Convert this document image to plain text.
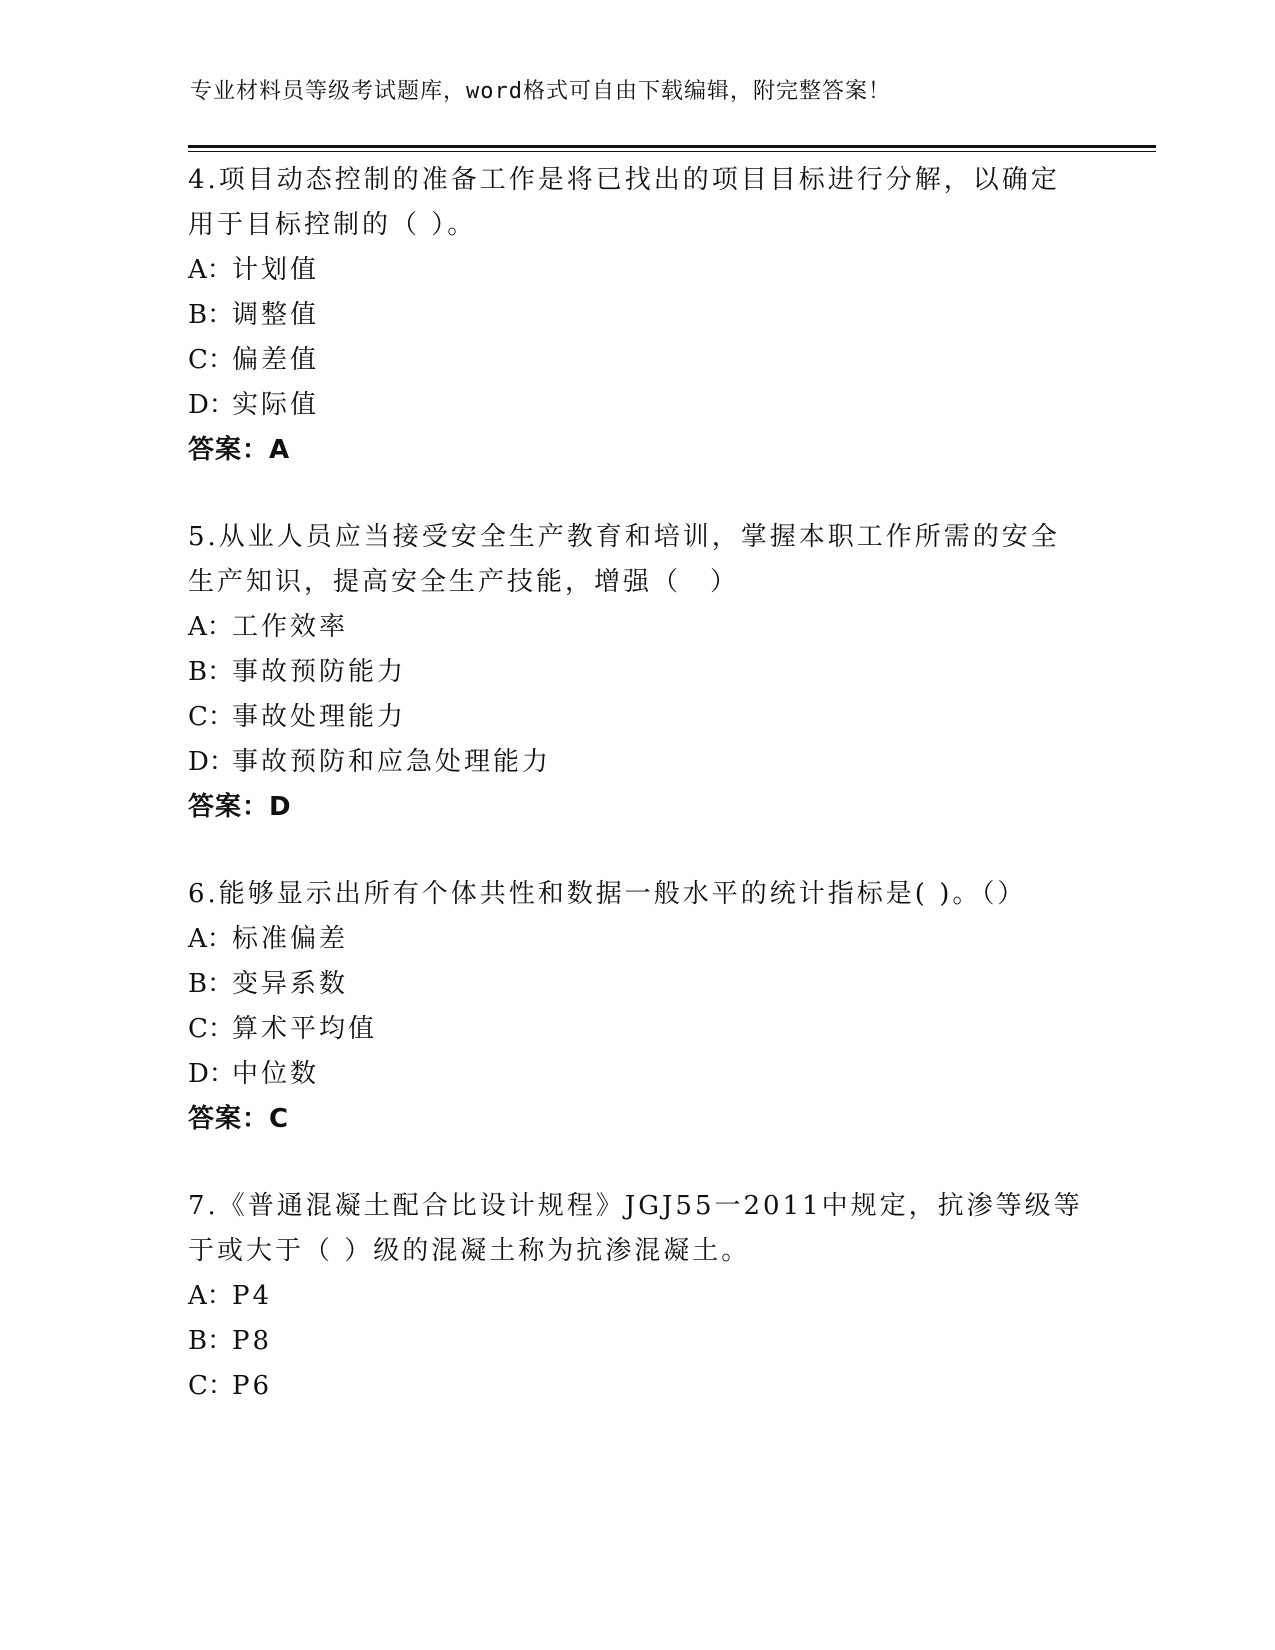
专业材料员等级考试题库，word格式可自由下载编辑，附完整答案！

4.项目动态控制的准备工作是将已找出的项目目标进行分解，以确定用于目标控制的（ ）。

A： 计划值
B：
调整值
C：
偏差值
D：
实际值

答案：A

5.从业人员应当接受安全生产教育和培训，掌握本职工作所需的安全生产知识，提高安全生产技能，增强（　）

A： 工作效率
B：
事故预防能力
C：
事故处理能力
D：
事故预防和应急处理能力

答案：D

6.能够显示出所有个体共性和数据一般水平的统计指标是( )。（）

A： 标准偏差
B：
变异系数
C：
算术平均值
D：
中位数

答案：C

7.《普通混凝土配合比设计规程》JGJ55一2011中规定，抗渗等级等于或大于（ ）级的混凝土称为抗渗混凝土。

A： P4
B：
P8
C：
P6
